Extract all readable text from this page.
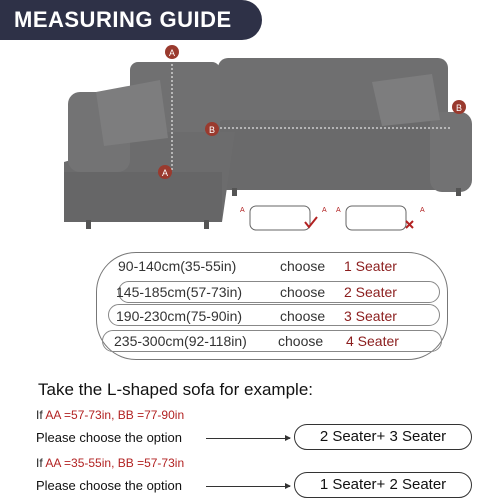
MEASURING GUIDE
A
A
B
B
A	A A	A
90-140cm(35-55in)	choose 1 Seater
145-185cm(57-73in)	choose 2 Seater
190-230cm(75-90in)	choose 3 Seater
235-300cm(92-118in) choose 4 Seater
Take the L-shaped sofa for example:
If AA =57-73in, BB =77-90in
Please choose the option	2 Seater+ 3 Seater
If AA =35-55in, BB =57-73in
Please choose the option	1 Seater+ 2 Seater
